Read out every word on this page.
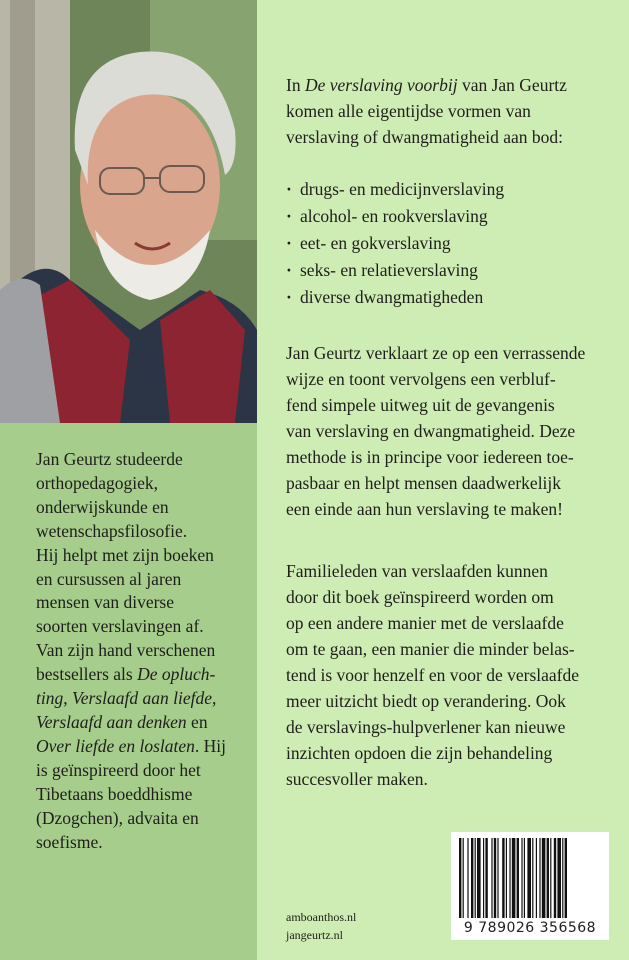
Jan Geurtz studeerde

orthopedagogiek,

onderwijskunde en

wetenschapsfilosofie.

Hij helpt met zijn boeken

en cursussen al jaren

mensen van diverse

soorten verslavingen af.

Van zijn hand verschenen

bestsellers als De opluch-

ting, Verslaafd aan liefde,

Verslaafd aan denken en

Over liefde en loslaten. Hij

is geïnspireerd door het

Tibetaans boeddhisme

(Dzogchen), advaita en

soefisme.

In De verslaving voorbij van Jan Geurtz

komen alle eigentijdse vormen van

verslaving of dwangmatigheid aan bod:

· drugs- en medicijnverslaving
· alcohol- en rookverslaving
· eet- en gokverslaving
· seks- en relatieverslaving
· diverse dwangmatigheden

Jan Geurtz verklaart ze op een verrassende

wijze en toont vervolgens een verbluf-

fend simpele uitweg uit de gevangenis

van verslaving en dwangmatigheid. Deze

methode is in principe voor iedereen toe-

pasbaar en helpt mensen daadwerkelijk

een einde aan hun verslaving te maken!

Familieleden van verslaafden kunnen

door dit boek geïnspireerd worden om

op een andere manier met de verslaafde

om te gaan, een manier die minder belas-

tend is voor henzelf en voor de verslaafde

meer uitzicht biedt op verandering. Ook

de verslavings-hulpverlener kan nieuwe

inzichten opdoen die zijn behandeling

succesvoller maken.

amboanthos.nl
jangeurtz.nl	9 789026 356568
